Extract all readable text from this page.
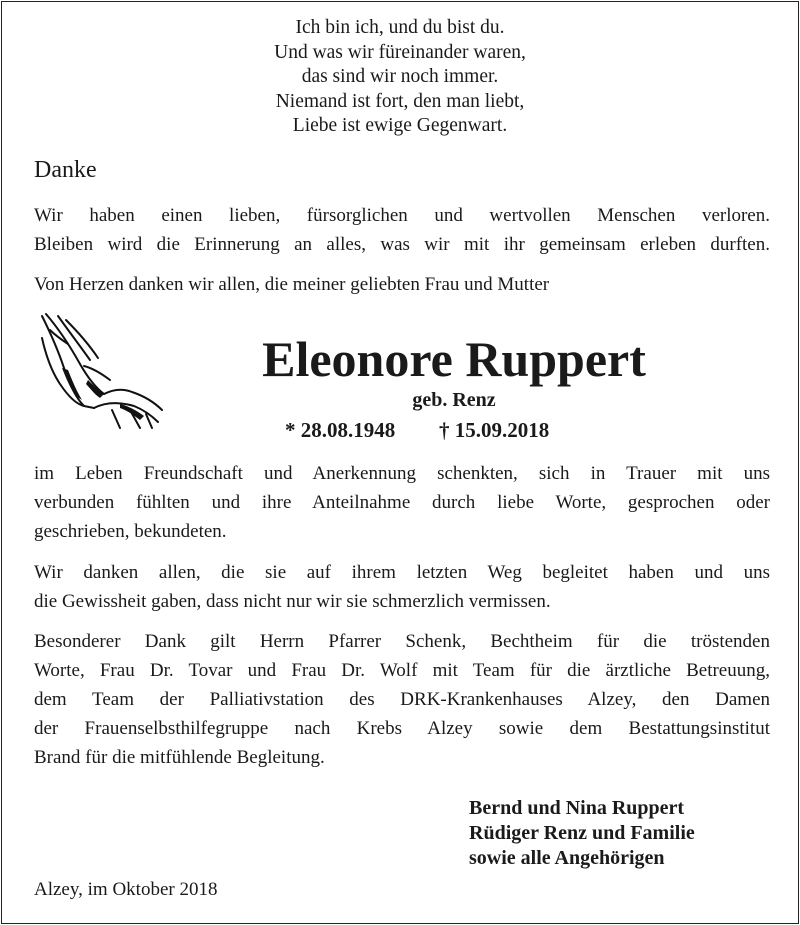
Ich bin ich, und du bist du.
Und was wir füreinander waren,
das sind wir noch immer.
Niemand ist fort, den man liebt,
Liebe ist ewige Gegenwart.
Danke
Wir haben einen lieben, fürsorglichen und wertvollen Menschen verloren.
Bleiben wird die Erinnerung an alles, was wir mit ihr gemeinsam erleben durften.
Von Herzen danken wir allen, die meiner geliebten Frau und Mutter
Eleonore Ruppert
geb. Renz
* 28.08.1948 † 15.09.2018
im Leben Freundschaft und Anerkennung schenkten, sich in Trauer mit uns
verbunden fühlten und ihre Anteilnahme durch liebe Worte, gesprochen oder
geschrieben, bekundeten.
Wir danken allen, die sie auf ihrem letzten Weg begleitet haben und uns
die Gewissheit gaben, dass nicht nur wir sie schmerzlich vermissen.
Besonderer Dank gilt Herrn Pfarrer Schenk, Bechtheim für die tröstenden
Worte, Frau Dr. Tovar und Frau Dr. Wolf mit Team für die ärztliche Betreuung,
dem Team der Palliativstation des DRK-Krankenhauses Alzey, den Damen
der Frauenselbsthilfegruppe nach Krebs Alzey sowie dem Bestattungsinstitut
Brand für die mitfühlende Begleitung.
Bernd und Nina Ruppert
Rüdiger Renz und Familie
sowie alle Angehörigen
Alzey, im Oktober 2018
